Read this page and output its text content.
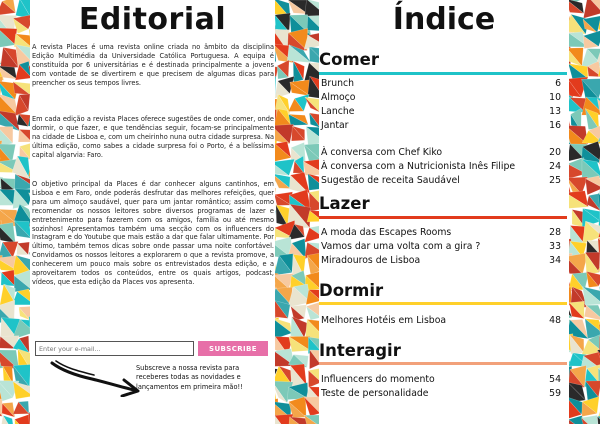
Editorial

A revista Places é uma revista online criada no âmbito da disciplina Edição Multimédia da Universidade Católica Portuguesa. A equipa é constituída por 6 universitárias e é destinada principalmente a jovens com vontade de se divertirem e que precisem de algumas dicas para preencher os seus tempos livres.

Em cada edição a revista Places oferece sugestões de onde comer, onde dormir, o que fazer, e que tendências seguir, focam-se principalmente na cidade de Lisboa e, com um cheirinho nuna outra cidade surpresa. Na última edição, como sabes a cidade surpresa foi o Porto, é a belíssima capital algarvia: Faro.

O objetivo principal da Places é dar conhecer alguns cantinhos, em Lisboa e em Faro, onde poderás desfrutar das melhores refeições, quer para um almoço saudável, quer para um jantar romântico; assim como recomendar os nossos leitores sobre diversos programas de lazer e entretenimento para fazerem com os amigos, família ou até mesmo sozinhos! Apresentamos também uma secção com os influencers do Instagram e do Youtube que mais estão a dar que falar ultimamente. Por último, também temos dicas sobre onde passar uma noite confortável. Convidamos os nossos leitores a explorarem o que a revista promove, a conhecerem um pouco mais sobre os entrevistados desta edição, e a aproveitarem todos os conteúdos, entre os quais artigos, podcast, vídeos, que esta edição da Places vos apresenta.

Enter your e-mail...
SUBSCRIBE

Subscreve a nossa revista para receberes todas as novidades e lançamentos em primeira mão!!

Índice
Comer
Brunch	6
Almoço	10
Lanche	13
Jantar	16
À conversa com Chef Kiko	20
À conversa com a Nutricionista Inês Filipe	24
Sugestão de receita Saudável	25
Lazer
A moda das Escapes Rooms	28
Vamos dar uma volta com a gira ?	33
Miradouros de Lisboa	34
Dormir
Melhores Hotéis em Lisboa	48
Interagir
Influencers do momento	54
Teste de personalidade	59
